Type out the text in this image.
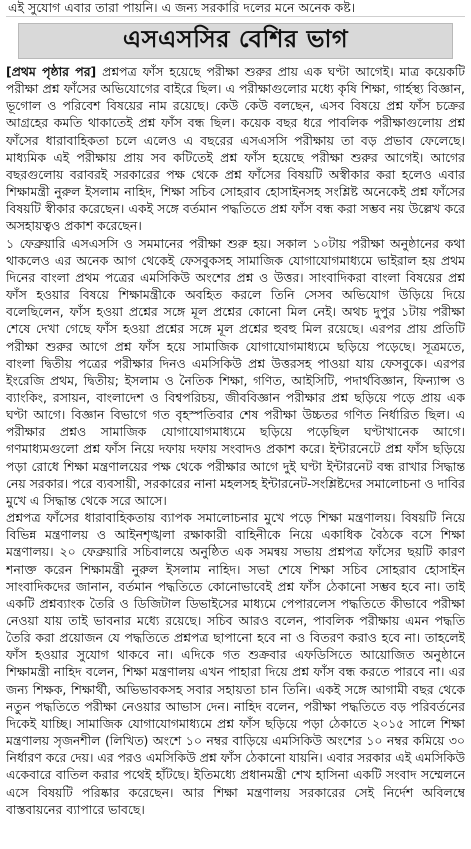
এই সুযোগ এবার তারা পায়নি। এ জন্য সরকারি দলের মনে অনেক কষ্ট।
এসএসসির বেশির ভাগ

[প্রথম পৃষ্ঠার পর] প্রশ্নপত্র ফাঁস হয়েছে পরীক্ষা শুরুর প্রায় এক ঘণ্টা আগেই। মাত্র কয়েকটি পরীক্ষা প্রশ্ন ফাঁসের অভিযোগের বাইরে ছিল। এ পরীক্ষাগুলোর মধ্যে কৃষি শিক্ষা, গার্হস্থ্য বিজ্ঞান, ভূগোল ও পরিবেশ বিষয়ের নাম রয়েছে। কেউ কেউ বলছেন, এসব বিষয়ে প্রশ্ন ফাঁস চক্রের আগ্রহের কমতি থাকাতেই প্রশ্ন ফাঁস বন্ধ ছিল। কয়েক বছর ধরে পাবলিক পরীক্ষাগুলোয় প্রশ্ন ফাঁসের ধারাবাহিকতা চলে এলেও এ বছরের এসএসসি পরীক্ষায় তা বড় প্রভাব ফেলেছে। মাধ্যমিক এই পরীক্ষায় প্রায় সব কটিতেই প্রশ্ন ফাঁস হয়েছে পরীক্ষা শুরুর আগেই। আগের বছরগুলোয় বরাবরই সরকারের পক্ষ থেকে প্রশ্ন ফাঁসের বিষয়টি অস্বীকার করা হলেও এবার শিক্ষামন্ত্রী নুরুল ইসলাম নাহিদ, শিক্ষা সচিব সোহরাব হোসাইনসহ সংশ্লিষ্ট অনেকেই প্রশ্ন ফাঁসের বিষয়টি স্বীকার করেছেন। একই সঙ্গে বর্তমান পদ্ধতিতে প্রশ্ন ফাঁস বন্ধ করা সম্ভব নয় উল্লেখ করে অসহায়ত্বও প্রকাশ করেছেন।

১ ফেব্রুয়ারি এসএসসি ও সমমানের পরীক্ষা শুরু হয়। সকাল ১০টায় পরীক্ষা অনুষ্ঠানের কথা থাকলেও এর অনেক আগ থেকেই ফেসবুকসহ সামাজিক যোগাযোগমাধ্যমে ভাইরাল হয় প্রথম দিনের বাংলা প্রথম পত্রের এমসিকিউ অংশের প্রশ্ন ও উত্তর। সাংবাদিকরা বাংলা বিষয়ের প্রশ্ন ফাঁস হওয়ার বিষয়ে শিক্ষামন্ত্রীকে অবহিত করলে তিনি সেসব অভিযোগ উড়িয়ে দিয়ে বলেছিলেন, ফাঁস হওয়া প্রশ্নের সঙ্গে মূল প্রশ্নের কোনো মিল নেই। অথচ দুপুর ১টায় পরীক্ষা শেষে দেখা গেছে ফাঁস হওয়া প্রশ্নের সঙ্গে মূল প্রশ্নের হুবহু মিল রয়েছে। এরপর প্রায় প্রতিটি পরীক্ষা শুরুর আগে প্রশ্ন ফাঁস হয়ে সামাজিক যোগাযোগমাধ্যমে ছড়িয়ে পড়েছে। সূত্রমতে, বাংলা দ্বিতীয় পত্রের পরীক্ষার দিনও এমসিকিউ প্রশ্ন উত্তরসহ পাওয়া যায় ফেসবুকে। এরপর ইংরেজি প্রথম, দ্বিতীয়; ইসলাম ও নৈতিক শিক্ষা, গণিত, আইসিটি, পদার্থবিজ্ঞান, ফিন্যান্স ও ব্যাংকিং, রসায়ন, বাংলাদেশ ও বিশ্বপরিচয়, জীববিজ্ঞান পরীক্ষার প্রশ্ন ছড়িয়ে পড়ে প্রায় এক ঘণ্টা আগে। বিজ্ঞান বিভাগে গত বৃহস্পতিবার শেষ পরীক্ষা উচ্চতর গণিত নির্ধারিত ছিল। এ পরীক্ষার প্রশ্নও সামাজিক যোগাযোগমাধ্যমে ছড়িয়ে পড়েছিল ঘণ্টাখানেক আগে। গণমাধ্যমগুলো প্রশ্ন ফাঁস নিয়ে দফায় দফায় সংবাদও প্রকাশ করে। ইন্টারনেটে প্রশ্ন ফাঁস ছড়িয়ে পড়া রোধে শিক্ষা মন্ত্রণালয়ের পক্ষ থেকে পরীক্ষার আগে দুই ঘণ্টা ইন্টারনেট বন্ধ রাখার সিদ্ধান্ত নেয় সরকার। পরে ব্যবসায়ী, সরকারের নানা মহলসহ ইন্টারনেট-সংশ্লিষ্টদের সমালোচনা ও দাবির মুখে এ সিদ্ধান্ত থেকে সরে আসে।

প্রশ্নপত্র ফাঁসের ধারাবাহিকতায় ব্যাপক সমালোচনার মুখে পড়ে শিক্ষা মন্ত্রণালয়। বিষয়টি নিয়ে বিভিন্ন মন্ত্রণালয় ও আইনশৃঙ্খলা রক্ষাকারী বাহিনীকে নিয়ে একাধিক বৈঠকে বসে শিক্ষা মন্ত্রণালয়। ২০ ফেব্রুয়ারি সচিবালয়ে অনুষ্ঠিত এক সমন্বয় সভায় প্রশ্নপত্র ফাঁসের ছয়টি কারণ শনাক্ত করেন শিক্ষামন্ত্রী নুরুল ইসলাম নাহিদ। সভা শেষে শিক্ষা সচিব সোহরাব হোসাইন সাংবাদিকদের জানান, বর্তমান পদ্ধতিতে কোনোভাবেই প্রশ্ন ফাঁস ঠেকানো সম্ভব হবে না। তাই একটি প্রশ্নব্যাংক তৈরি ও ডিজিটাল ডিভাইসের মাধ্যমে পেপারলেস পদ্ধতিতে কীভাবে পরীক্ষা নেওয়া যায় তাই ভাবনার মধ্যে রয়েছে। সচিব আরও বলেন, পাবলিক পরীক্ষায় এমন পদ্ধতি তৈরি করা প্রয়োজন যে পদ্ধতিতে প্রশ্নপত্র ছাপানো হবে না ও বিতরণ করাও হবে না। তাহলেই ফাঁস হওয়ার সুযোগ থাকবে না। এদিকে গত শুক্রবার এফডিসিতে আয়োজিত অনুষ্ঠানে শিক্ষামন্ত্রী নাহিদ বলেন, শিক্ষা মন্ত্রণালয় এখন পাহারা দিয়ে প্রশ্ন ফাঁস বন্ধ করতে পারবে না। এর জন্য শিক্ষক, শিক্ষার্থী, অভিভাবকসহ সবার সহায়তা চান তিনি। একই সঙ্গে আগামী বছর থেকে নতুন পদ্ধতিতে পরীক্ষা নেওয়ার আভাস দেন। নাহিদ বলেন, পরীক্ষা পদ্ধতিতে বড় পরিবর্তনের দিকেই যাচ্ছি। সামাজিক যোগাযোগমাধ্যমে প্রশ্ন ফাঁস ছড়িয়ে পড়া ঠেকাতে ২০১৫ সালে শিক্ষা মন্ত্রণালয় সৃজনশীল (লিখিত) অংশে ১০ নম্বর বাড়িয়ে এমসিকিউ অংশের ১০ নম্বর কমিয়ে ৩০ নির্ধারণ করে দেয়। এর পরও এমসিকিউ প্রশ্ন ফাঁস ঠেকানো যায়নি। এবার সরকার এই এমসিকিউ একেবারে বাতিল করার পথেই হাঁটছে। ইতিমধ্যে প্রধানমন্ত্রী শেখ হাসিনা একটি সংবাদ সম্মেলনে এসে বিষয়টি পরিষ্কার করেছেন। আর শিক্ষা মন্ত্রণালয় সরকারের সেই নির্দেশ অবিলম্বে বাস্তবায়নের ব্যাপারে ভাবছে।
